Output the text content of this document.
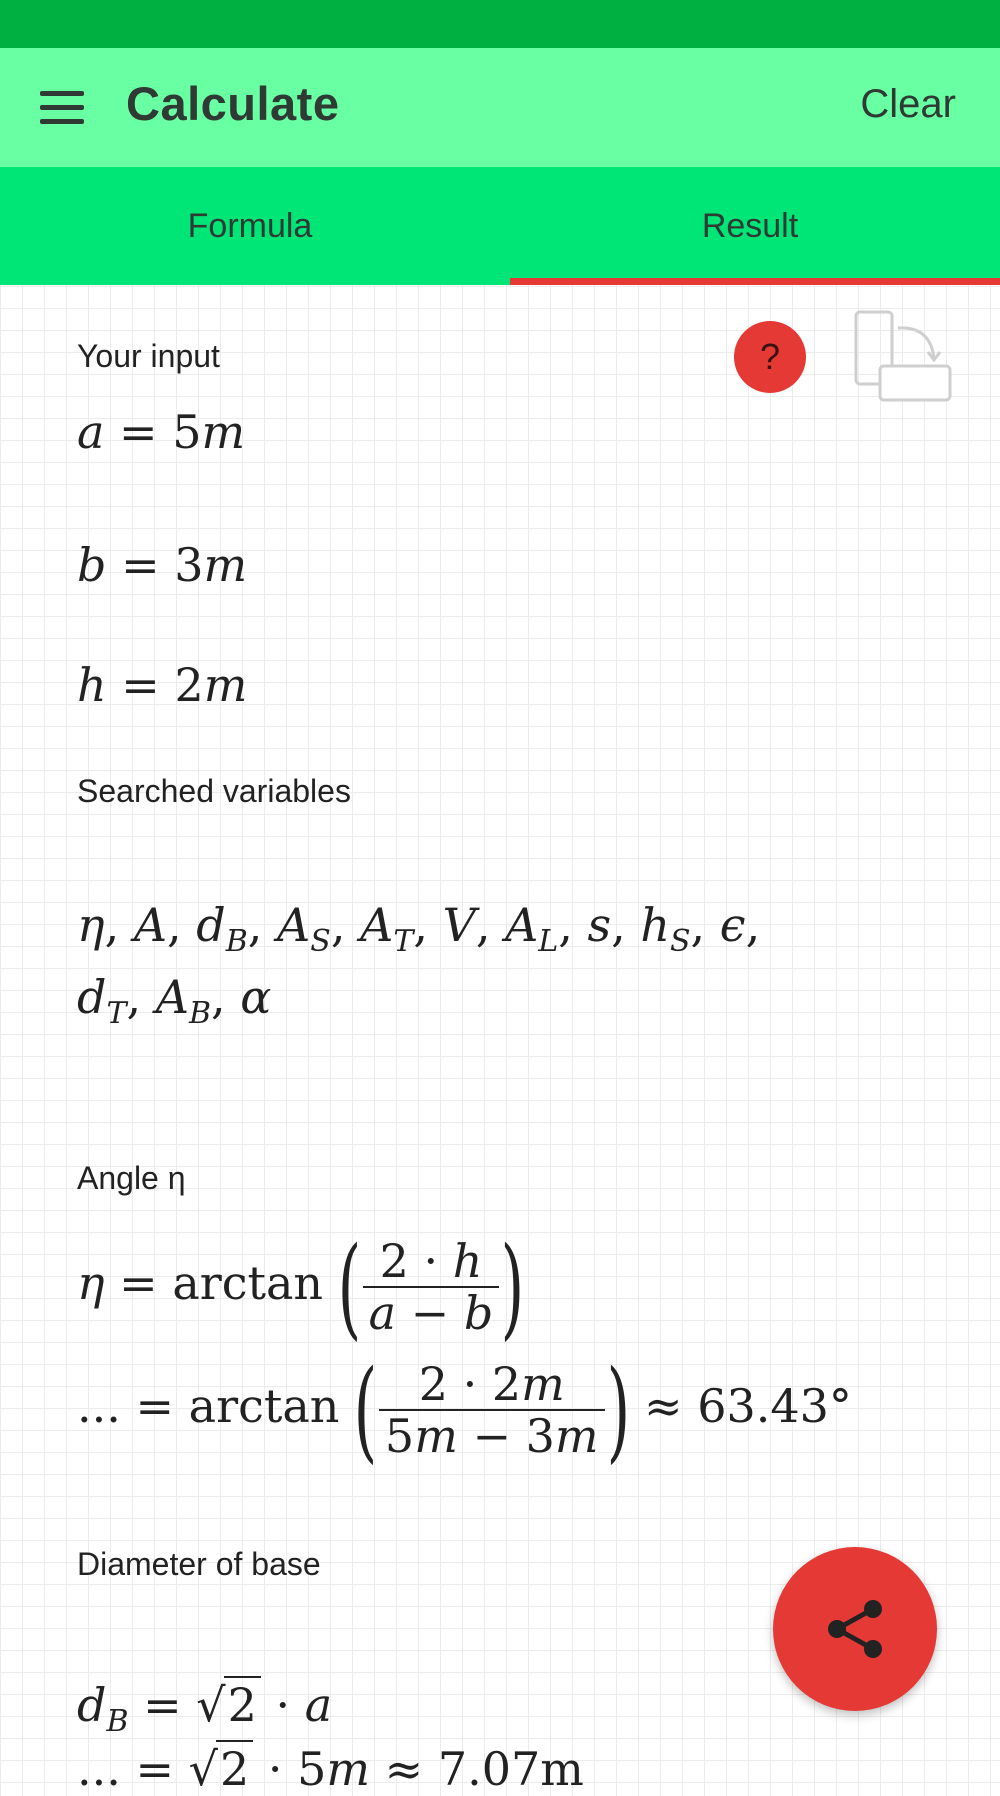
Calculate	Clear
Formula	Result
Your input	?
a = 5m
b = 3m
h = 2m
Searched variables
η, A, $d_B$, $A_S$, $A_T$, V, $A_L$, s, $h_S$, ϵ,
$d_T$, $A_B$, α
Angle η
η = arctan ( $\frac{2 \cdot h}{a - b}$ )
... = arctan ( $\frac{2 \cdot 2m}{5m - 3m}$ ) ≈ 63.43°
Diameter of base
$d_B = √2 \cdot a$
... = √2 · 5m ≈ 7.07m
